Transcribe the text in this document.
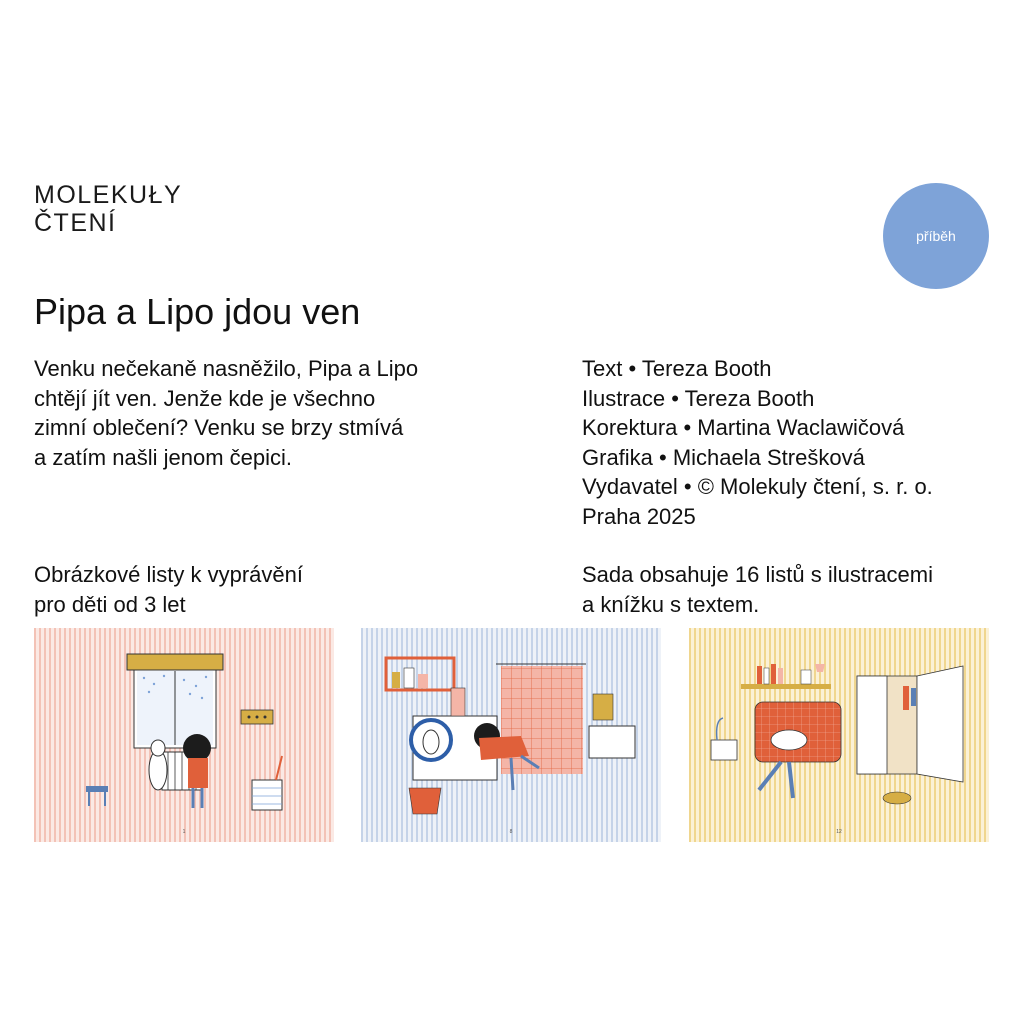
MOLEKUŁY
ČTENÍ	příběh
Pipa a Lipo jdou ven
Venku nečekaně nasněžilo, Pipa a Lipo
chtějí jít ven. Jenže kde je všechno
zimní oblečení? Venku se brzy stmívá
a zatím našli jenom čepici.
Text • Tereza Booth
Ilustrace • Tereza Booth
Korektura • Martina Waclawičová
Grafika • Michaela Strešková
Vydavatel • © Molekuly čtení, s. r. o.
Praha 2025
Obrázkové listy k vyprávění
pro děti od 3 let
Sada obsahuje 16 listů s ilustracemi
a knížku s textem.
1	8	12
